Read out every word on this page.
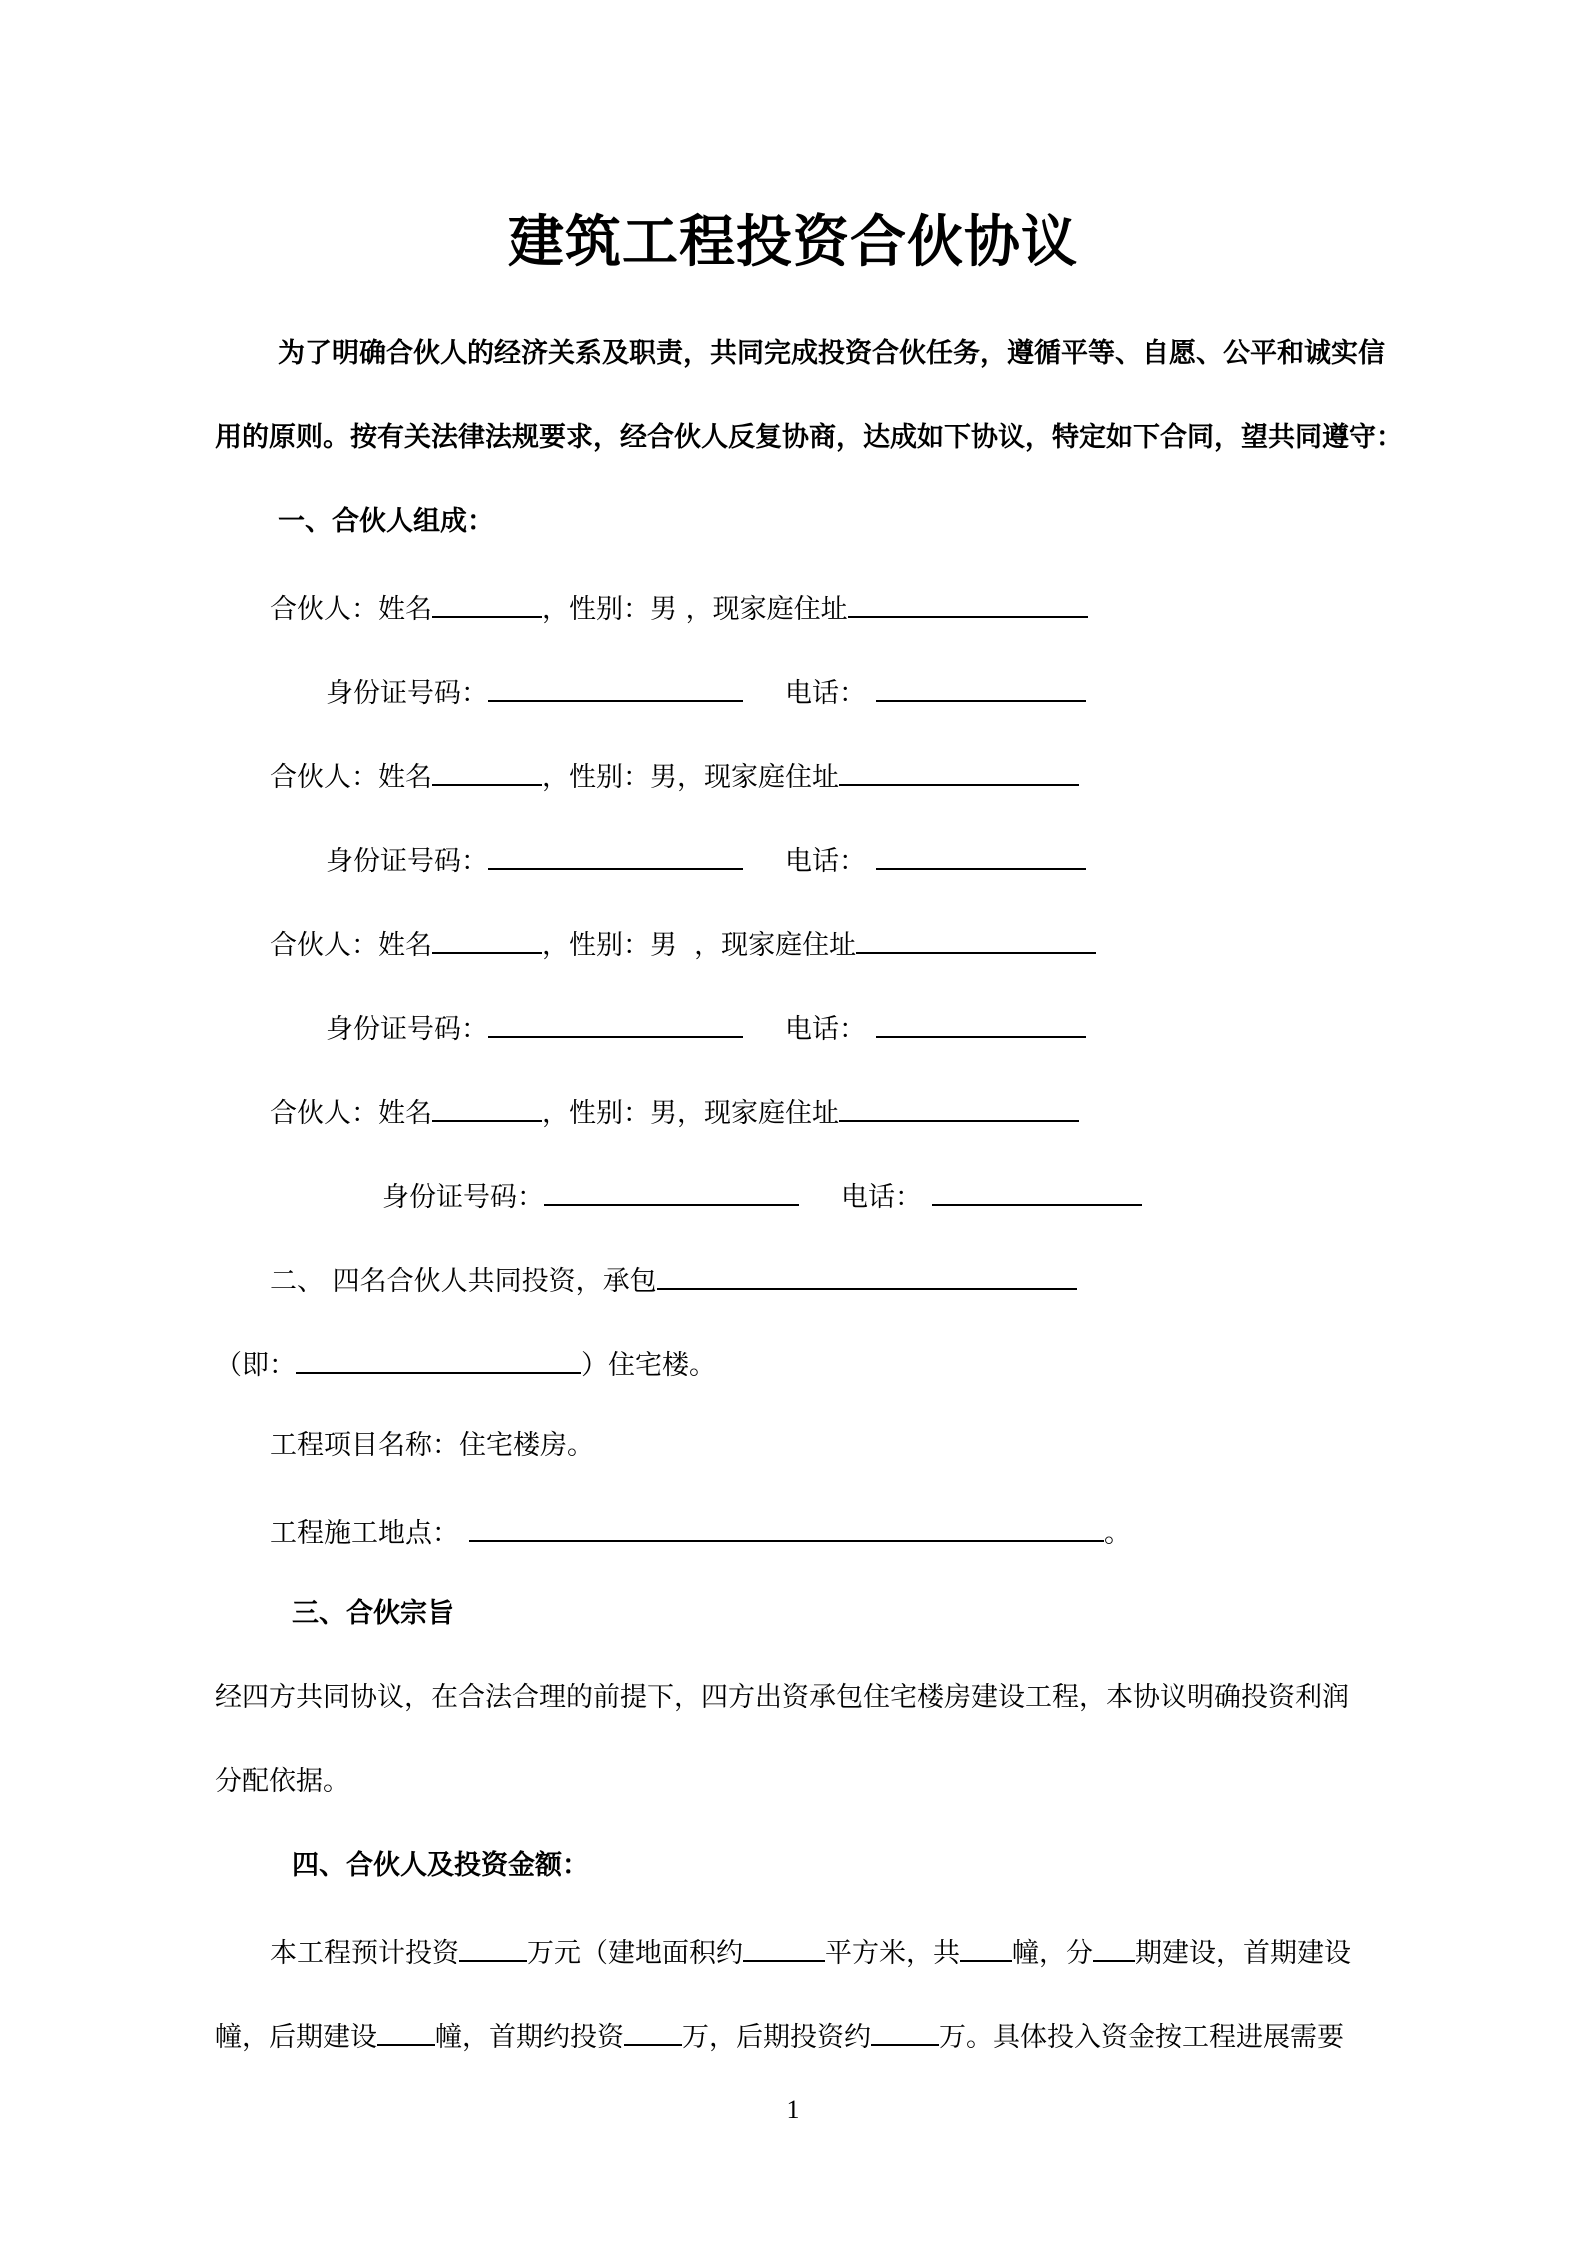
建筑工程投资合伙协议
为了明确合伙人的经济关系及职责，共同完成投资合伙任务，遵循平等、自愿、公平和诚实信
用的原则。按有关法律法规要求，经合伙人反复协商，达成如下协议，特定如下合同，望共同遵守：
一、合伙人组成：
合伙人：姓名	，性别：男 ，现家庭住址
身份证号码：	电话：
合伙人：姓名	，性别：男，现家庭住址
身份证号码：	电话：
合伙人：姓名	，性别：男  ，现家庭住址
身份证号码：	电话：
合伙人：姓名	，性别：男，现家庭住址
身份证号码：	电话：
二、 四名合伙人共同投资，承包
（即：	）住宅楼。
工程项目名称：住宅楼房。
工程施工地点：	。
三、合伙宗旨
经四方共同协议，在合法合理的前提下，四方出资承包住宅楼房建设工程，本协议明确投资利润
分配依据。
四、合伙人及投资金额：
本工程预计投资	万元（建地面积约	平方米，共 幢，分 期建设，首期建设
幢，后期建设 幢，首期约投资 万，后期投资约	万。具体投入资金按工程进展需要
1
